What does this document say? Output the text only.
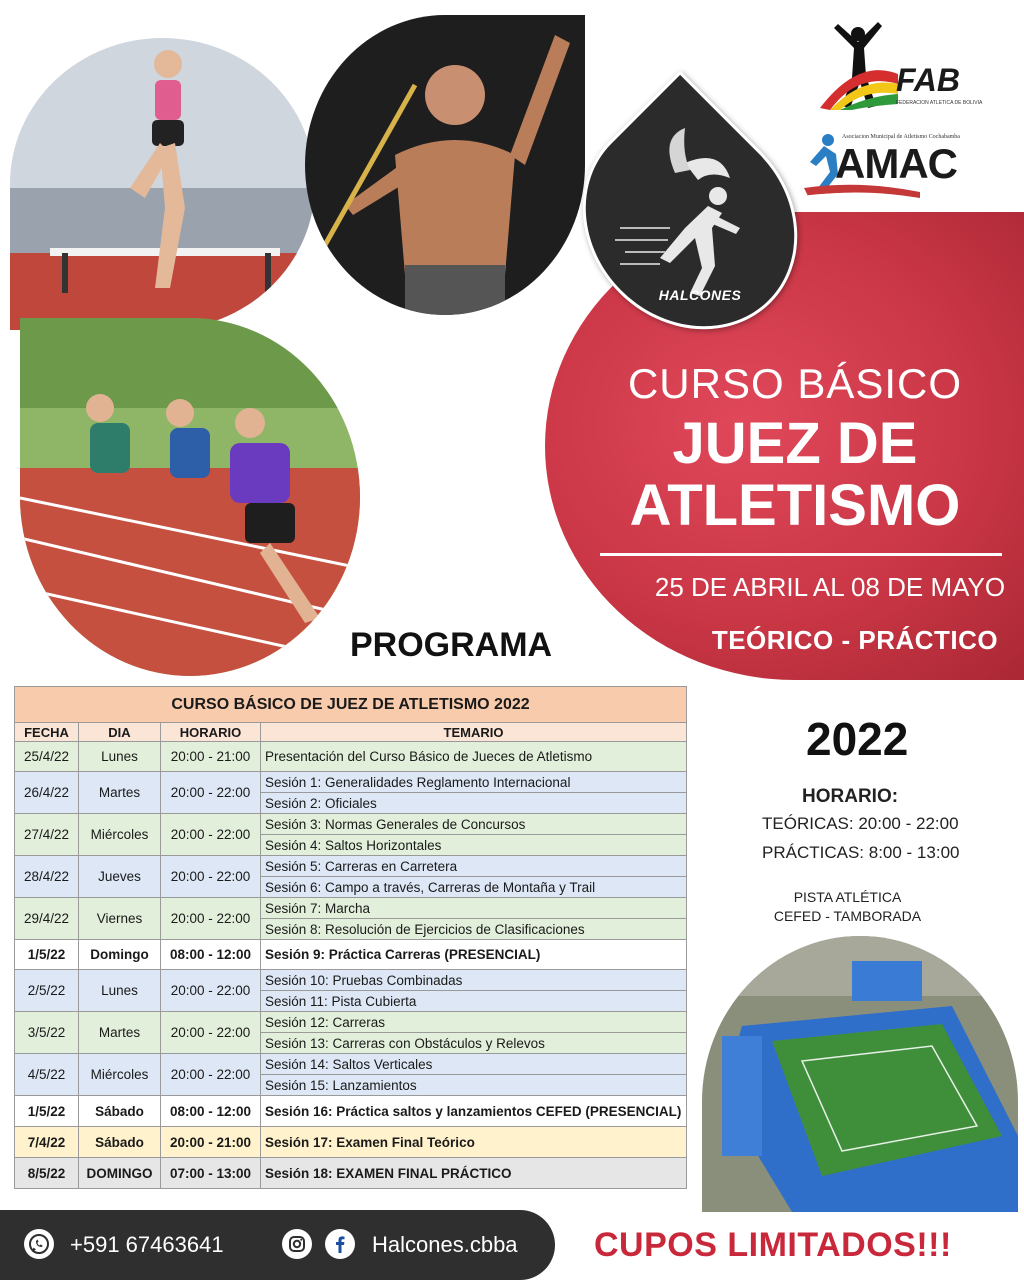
HALCONES
FAB
FEDERACION ATLETICA DE BOLIVIA
Asociacion Municipal de Atletismo Cochabamba
AMAC
CURSO BÁSICO
JUEZ DE
ATLETISMO
25 DE ABRIL AL 08 DE MAYO
TEÓRICO - PRÁCTICO
PROGRAMA
CURSO BÁSICO DE JUEZ DE ATLETISMO 2022			
FECHA	DIA	HORARIO	TEMARIO
25/4/22	Lunes	20:00 - 21:00	Presentación del Curso Básico de Jueces de Atletismo
26/4/22	Martes	20:00 - 22:00	Sesión 1: Generalidades Reglamento Internacional
			Sesión 2: Oficiales
27/4/22	Miércoles	20:00 - 22:00	Sesión 3: Normas Generales de Concursos
			Sesión 4: Saltos Horizontales
28/4/22	Jueves	20:00 - 22:00	Sesión 5: Carreras en Carretera
			Sesión 6: Campo a través, Carreras de Montaña y Trail
29/4/22	Viernes	20:00 - 22:00	Sesión 7: Marcha
			Sesión 8: Resolución de Ejercicios de Clasificaciones
1/5/22	Domingo	08:00 - 12:00	Sesión 9: Práctica Carreras (PRESENCIAL)
2/5/22	Lunes	20:00 - 22:00	Sesión 10: Pruebas Combinadas
			Sesión 11: Pista Cubierta
3/5/22	Martes	20:00 - 22:00	Sesión 12: Carreras
			Sesión 13: Carreras con Obstáculos y Relevos
4/5/22	Miércoles	20:00 - 22:00	Sesión 14: Saltos Verticales
			Sesión 15: Lanzamientos
1/5/22	Sábado	08:00 - 12:00	Sesión 16: Práctica saltos y lanzamientos CEFED (PRESENCIAL)
7/4/22	Sábado	20:00 - 21:00	Sesión 17: Examen Final Teórico
8/5/22	DOMINGO	07:00 - 13:00	Sesión 18: EXAMEN FINAL PRÁCTICO
2022
HORARIO:
TEÓRICAS: 20:00 - 22:00
PRÁCTICAS: 8:00 - 13:00
PISTA ATLÉTICA
CEFED - TAMBORADA
+591 67463641	Halcones.cbba CUPOS LIMITADOS!!!
